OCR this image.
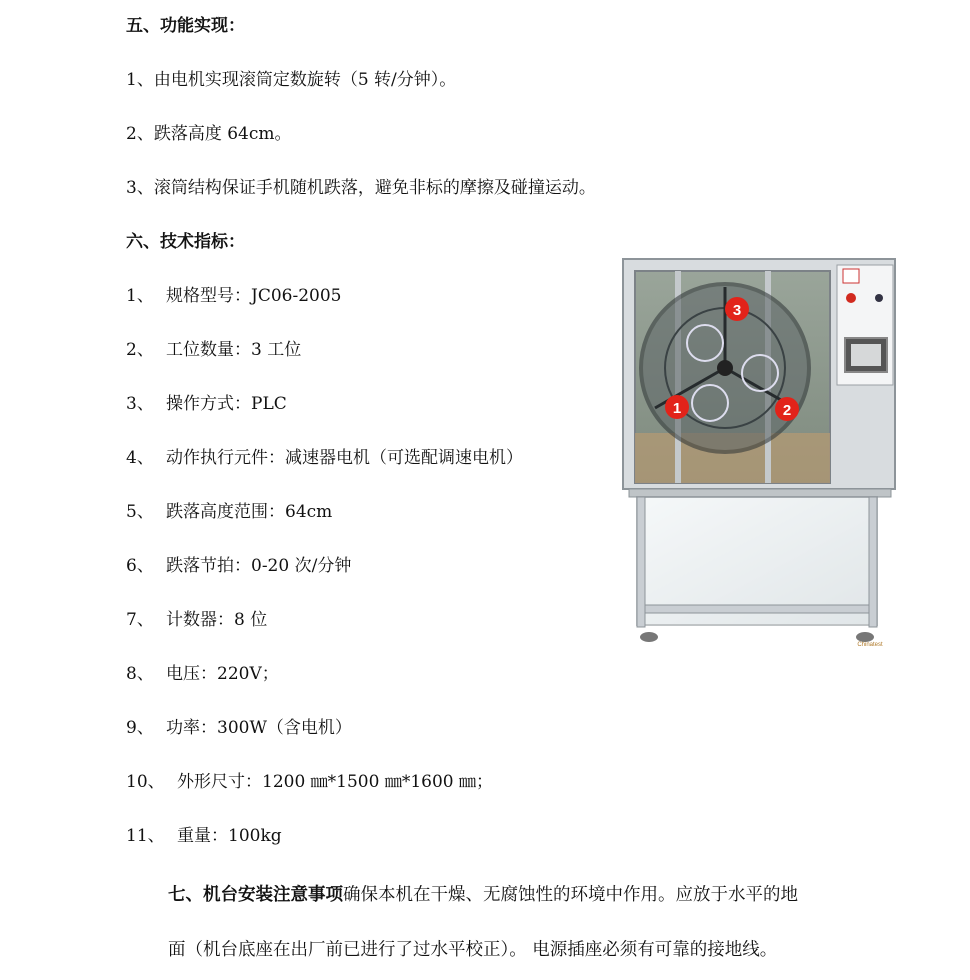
五、功能实现：
1、由电机实现滚筒定数旋转（5 转/分钟）。
2、跌落高度 64cm。
3、滚筒结构保证手机随机跌落，避免非标的摩擦及碰撞运动。
六、技术指标：
1、 规格型号：JC06-2005
2、 工位数量：3 工位
3、 操作方式：PLC
4、 动作执行元件：减速器电机（可选配调速电机）
5、 跌落高度范围：64cm
6、 跌落节拍：0-20 次/分钟
7、 计数器：8 位
8、 电压：220V；
9、 功率：300W（含电机）
10、 外形尺寸：1200 ㎜*1500 ㎜*1600 ㎜；
11、 重量：100kg
七、机台安装注意事项确保本机在干燥、无腐蚀性的环境中作用。应放于水平的地
面（机台底座在出厂前已进行了过水平校正）。 电源插座必须有可靠的接地线。
3
2
1
Chinatest
